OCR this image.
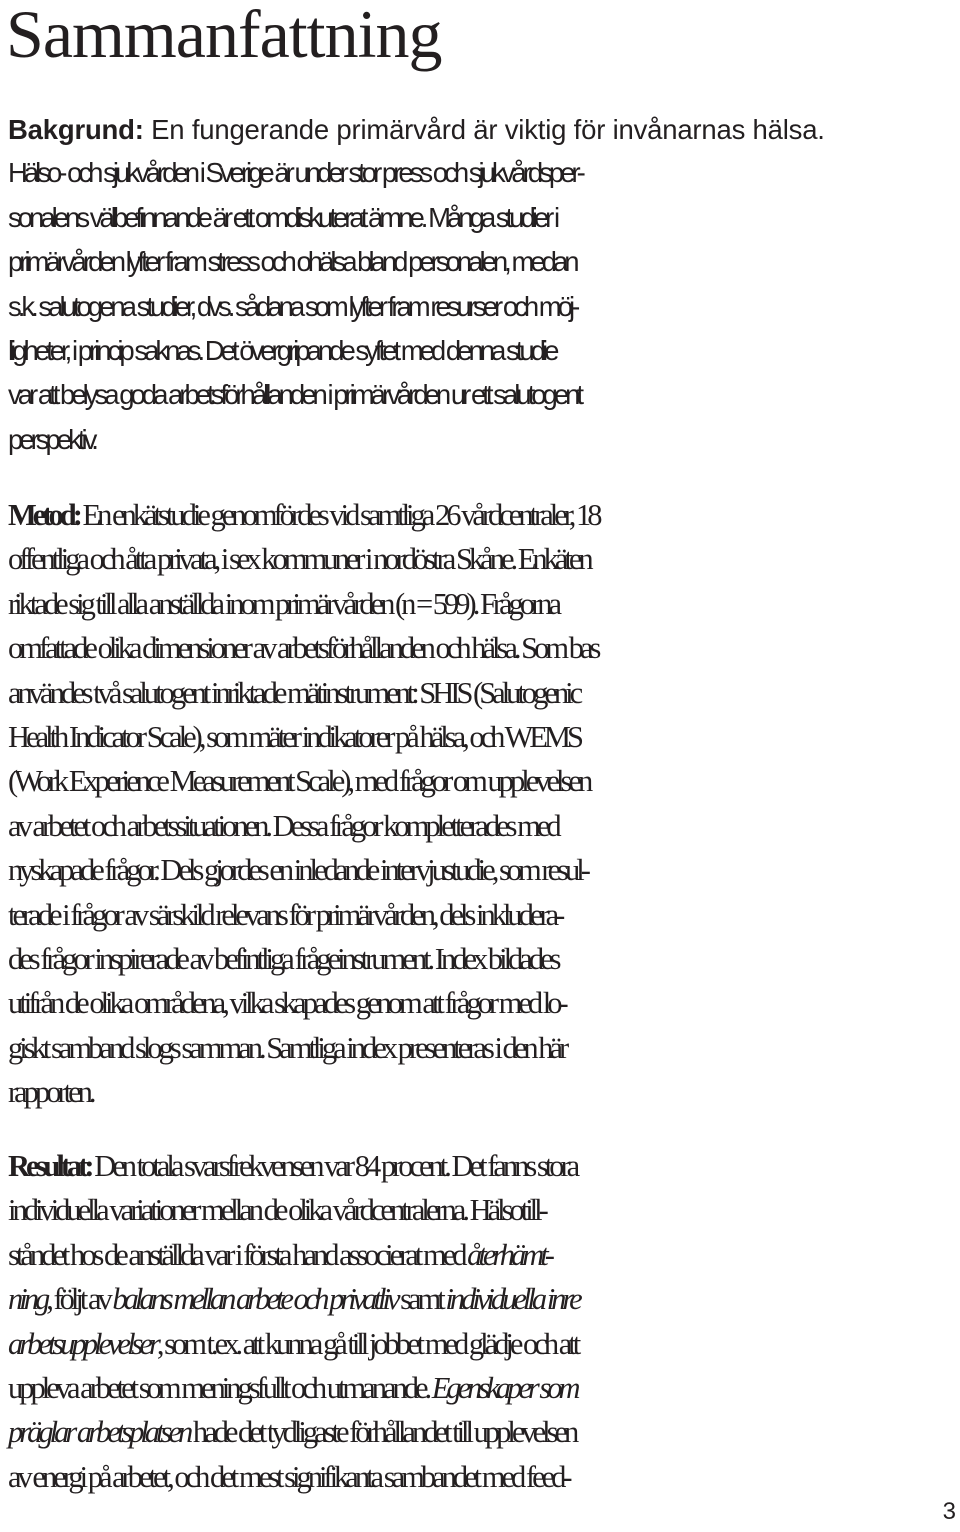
Sammanfattning
Bakgrund: En fungerande primärvård är viktig för invånarnas hälsa.
Hälso- och sjukvården i Sverige är under stor press och sjukvårdsper-
sonalens välbefinnande är ett omdiskuterat ämne. Många studier i
primärvården lyfter fram stress och ohälsa bland personalen, medan
s.k. salutogena studier, dvs. sådana som lyfter fram resurser och möj-
ligheter, i princip saknas. Det övergripande syftet med denna studie
var att belysa goda arbetsförhållanden i primärvården ur ett salutogent
perspektiv.
Metod: En enkätstudie genomfördes vid samtliga 26 vårdcentraler, 18
offentliga och åtta privata, i sex kommuner i nordöstra Skåne. Enkäten
riktade sig till alla anställda inom primärvården (n = 599). Frågorna
omfattade olika dimensioner av arbetsförhållanden och hälsa. Som bas
användes två salutogent inriktade mätinstrument: SHIS (Salutogenic
Health Indicator Scale), som mäter indikatorer på hälsa, och WEMS
(Work Experience Measurement Scale), med frågor om upplevelsen
av arbetet och arbetssituationen. Dessa frågor kompletterades med
nyskapade frågor. Dels gjordes en inledande intervjustudie, som resul-
terade i frågor av särskild relevans för primärvården, dels inkludera-
des frågor inspirerade av befintliga frågeinstrument. Index bildades
utifrån de olika områdena, vilka skapades genom att frågor med lo-
giskt samband slogs samman. Samtliga index presenteras i den här
rapporten.
Resultat: Den totala svarsfrekvensen var 84 procent. Det fanns stora
individuella variationer mellan de olika vårdcentralerna. Hälsotill-
ståndet hos de anställda var i första hand associerat med återhämt-
ning, följt av balans mellan arbete och privatliv samt individuella inre
arbetsupplevelser, som t.ex. att kunna gå till jobbet med glädje och att
uppleva arbetet som meningsfullt och utmanande. Egenskaper som
präglar arbetsplatsen hade det tydligaste förhållandet till upplevelsen
av energi på arbetet, och det mest signifikanta sambandet med feed-
3
